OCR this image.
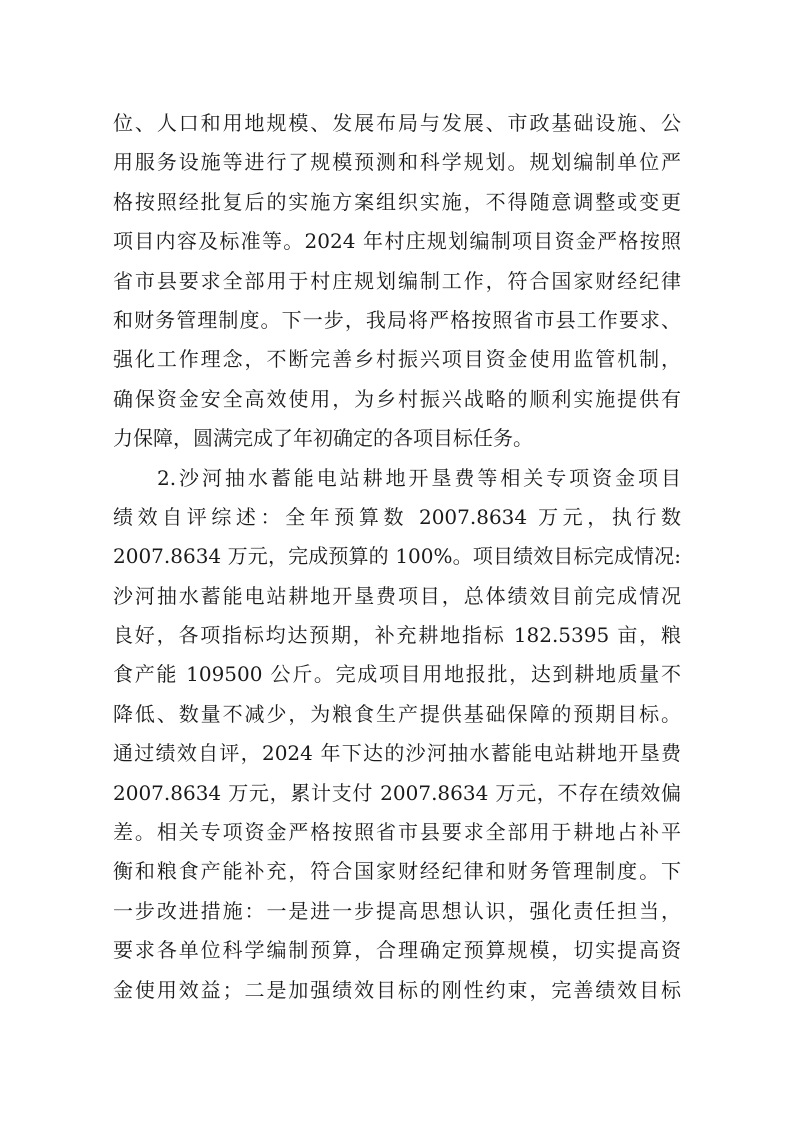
位、人口和用地规模、发展布局与发展、市政基础设施、公
用服务设施等进行了规模预测和科学规划。规划编制单位严
格按照经批复后的实施方案组织实施，不得随意调整或变更
项目内容及标准等。2024 年村庄规划编制项目资金严格按照
省市县要求全部用于村庄规划编制工作，符合国家财经纪律
和财务管理制度。下一步，我局将严格按照省市县工作要求、
强化工作理念，不断完善乡村振兴项目资金使用监管机制，
确保资金安全高效使用，为乡村振兴战略的顺利实施提供有
力保障，圆满完成了年初确定的各项目标任务。
2.沙河抽水蓄能电站耕地开垦费等相关专项资金项目
绩效自评综述：全年预算数 2007.8634 万元，执行数
2007.8634 万元，完成预算的 100%。项目绩效目标完成情况:
沙河抽水蓄能电站耕地开垦费项目，总体绩效目前完成情况
良好，各项指标均达预期，补充耕地指标 182.5395 亩，粮
食产能 109500 公斤。完成项目用地报批，达到耕地质量不
降低、数量不减少，为粮食生产提供基础保障的预期目标。
通过绩效自评，2024 年下达的沙河抽水蓄能电站耕地开垦费
2007.8634 万元，累计支付 2007.8634 万元，不存在绩效偏
差。相关专项资金严格按照省市县要求全部用于耕地占补平
衡和粮食产能补充，符合国家财经纪律和财务管理制度。下
一步改进措施：一是进一步提高思想认识，强化责任担当，
要求各单位科学编制预算，合理确定预算规模，切实提高资
金使用效益；二是加强绩效目标的刚性约束，完善绩效目标
